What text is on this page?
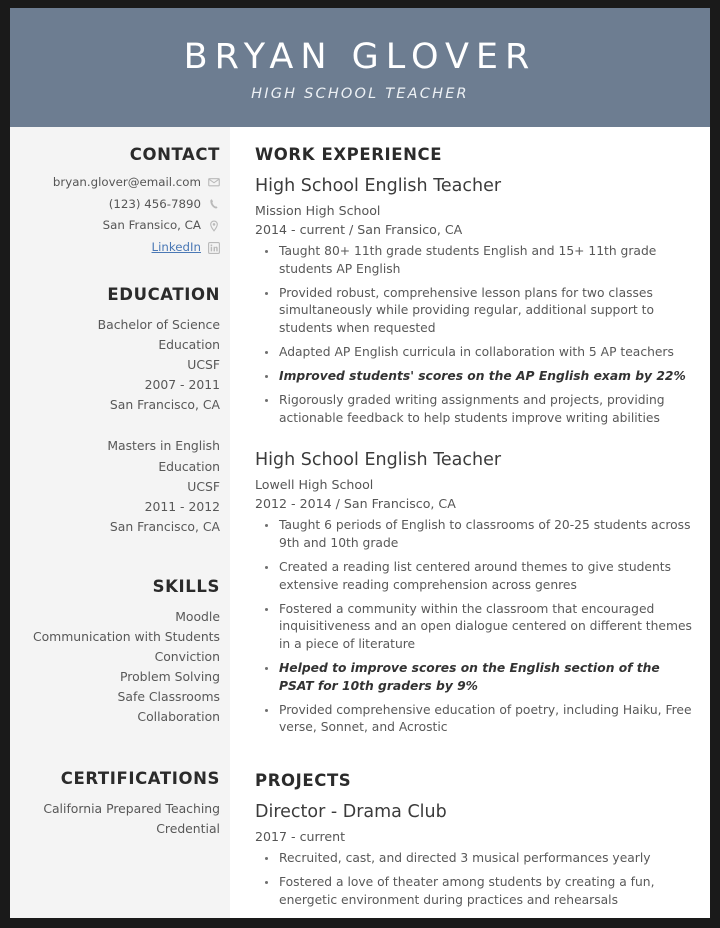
BRYAN GLOVER
HIGH SCHOOL TEACHER
CONTACT
bryan.glover@email.com
(123) 456-7890
San Fransico, CA
LinkedIn
EDUCATION
Bachelor of Science
Education
UCSF
2007 - 2011
San Francisco, CA
Masters in English
Education
UCSF
2011 - 2012
San Francisco, CA
SKILLS
Moodle
Communication with Students
Conviction
Problem Solving
Safe Classrooms
Collaboration
CERTIFICATIONS
California Prepared Teaching Credential
WORK EXPERIENCE
High School English Teacher
Mission High School
2014 - current / San Fransico, CA
Taught 80+ 11th grade students English and 15+ 11th grade students AP English
Provided robust, comprehensive lesson plans for two classes simultaneously while providing regular, additional support to students when requested
Adapted AP English curricula in collaboration with 5 AP teachers
Improved students' scores on the AP English exam by 22%
Rigorously graded writing assignments and projects, providing actionable feedback to help students improve writing abilities
High School English Teacher
Lowell High School
2012 - 2014 / San Francisco, CA
Taught 6 periods of English to classrooms of 20-25 students across 9th and 10th grade
Created a reading list centered around themes to give students extensive reading comprehension across genres
Fostered a community within the classroom that encouraged inquisitiveness and an open dialogue centered on different themes in a piece of literature
Helped to improve scores on the English section of the PSAT for 10th graders by 9%
Provided comprehensive education of poetry, including Haiku, Free verse, Sonnet, and Acrostic
PROJECTS
Director - Drama Club
2017 - current
Recruited, cast, and directed 3 musical performances yearly
Fostered a love of theater among students by creating a fun, energetic environment during practices and rehearsals
